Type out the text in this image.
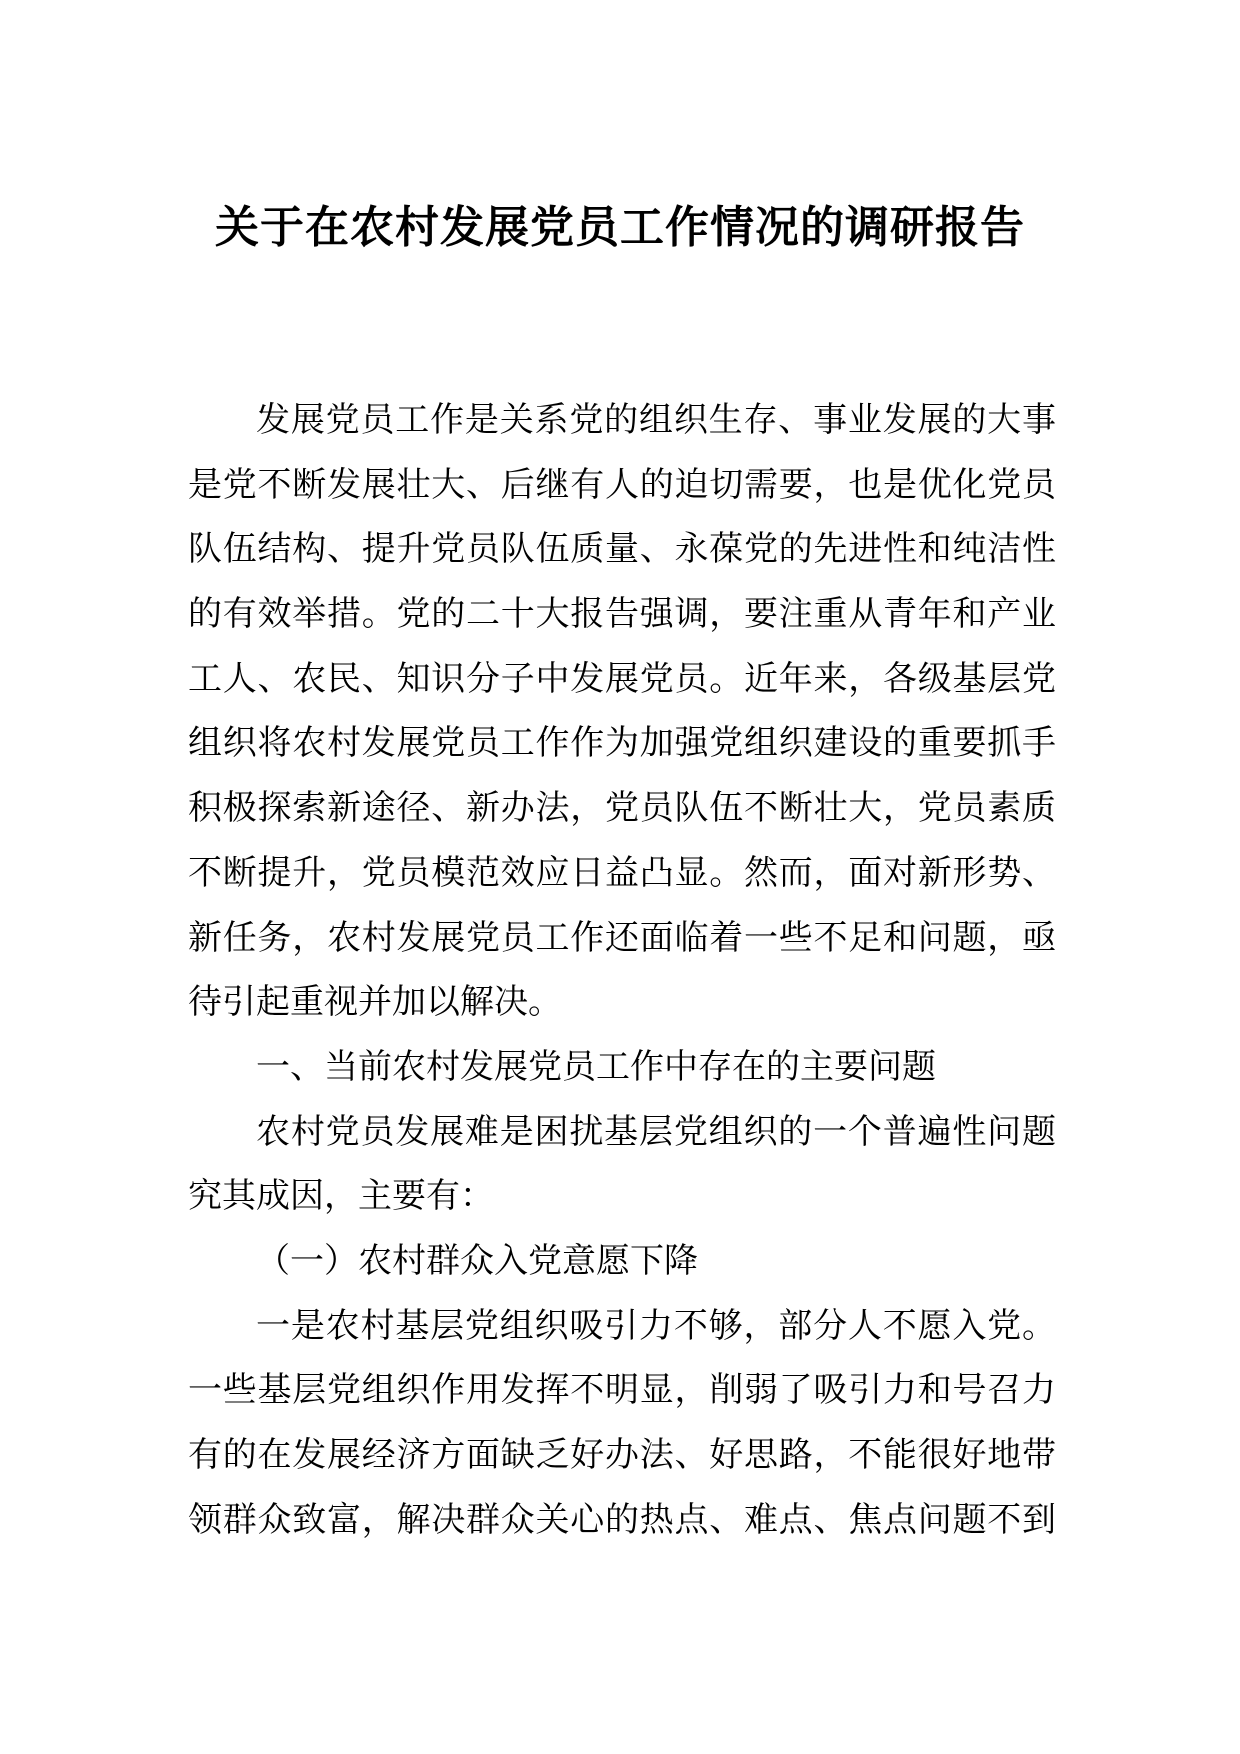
关于在农村发展党员工作情况的调研报告
发展党员工作是关系党的组织生存、事业发展的大事
是党不断发展壮大、后继有人的迫切需要，也是优化党员
队伍结构、提升党员队伍质量、永葆党的先进性和纯洁性
的有效举措。党的二十大报告强调，要注重从青年和产业
工人、农民、知识分子中发展党员。近年来，各级基层党
组织将农村发展党员工作作为加强党组织建设的重要抓手
积极探索新途径、新办法，党员队伍不断壮大，党员素质
不断提升，党员模范效应日益凸显。然而，面对新形势、
新任务，农村发展党员工作还面临着一些不足和问题，亟
待引起重视并加以解决。
一、当前农村发展党员工作中存在的主要问题
农村党员发展难是困扰基层党组织的一个普遍性问题
究其成因，主要有：
（一）农村群众入党意愿下降
一是农村基层党组织吸引力不够，部分人不愿入党。
一些基层党组织作用发挥不明显，削弱了吸引力和号召力
有的在发展经济方面缺乏好办法、好思路，不能很好地带
领群众致富，解决群众关心的热点、难点、焦点问题不到
